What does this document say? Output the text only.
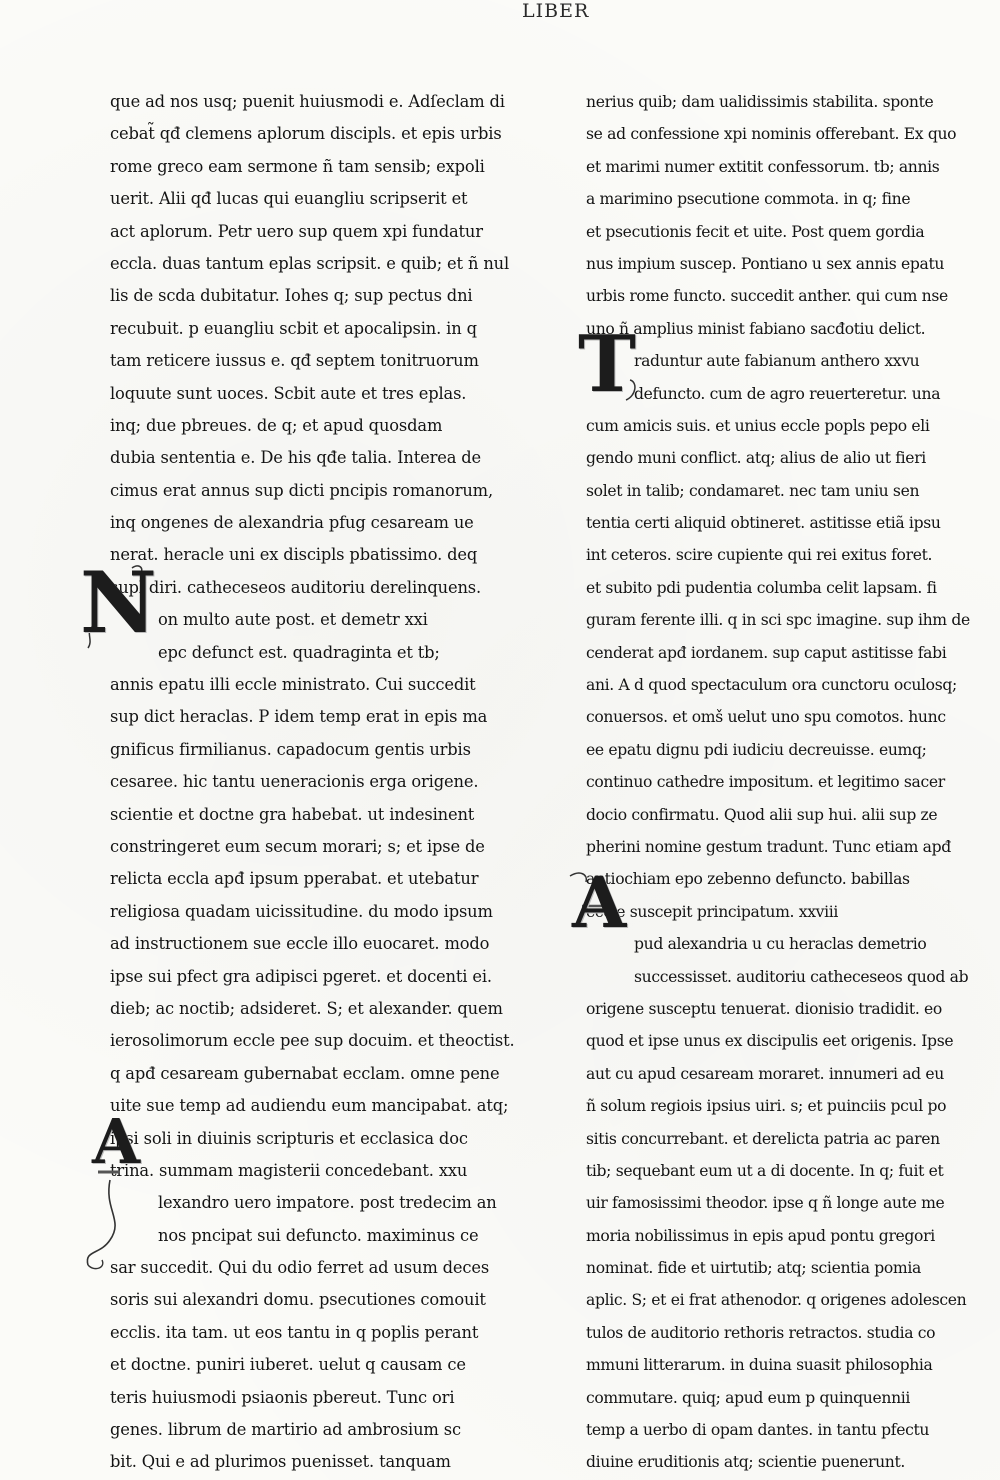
LIBER
que ad nos usq; puenit huiusmodi e. Adſeclam di
cebat̃ qđ clemens aplorum discipls. et epis urbis
rome greco eam sermone ñ tam sensib; expoli
uerit. Alii qđ lucas qui euangliu scripserit et
act aplorum. Petr uero sup quem xpi fundatur
eccla. duas tantum eplas scripsit. e quib; et ñ nul
lis de scda dubitatur. Iohes q; sup pectus dni
recubuit. p euangliu scbit et apocalipsin. in q
tam reticere iussus e. qđ septem tonitruorum
loquute sunt uoces. Scbit aute et tres eplas.
inq; due pbreues. de q; et apud quosdam
dubia sententia e. De his qđe talia. Interea de
cimus erat annus sup dicti pncipis romanorum,
inq ongenes de alexandria pfug cesaream ue
nerat. heracle uni ex discipls pbatissimo. deq
supl diri. catheceseos auditoriu derelinquens.
on multo aute post. et demetr xxi
epc defunct est. quadraginta et tb;
annis epatu illi eccle ministrato. Cui succedit
sup dict heraclas. P idem temp erat in epis ma
gnificus firmilianus. capadocum gentis urbis
cesaree. hic tantu ueneracionis erga origene.
scientie et doctne gra habebat. ut indesinent
constringeret eum secum morari; s; et ipse de
relicta eccla apđ ipsum pperabat. et utebatur
religiosa quadam uicissitudine. du modo ipsum
ad instructionem sue eccle illo euocaret. modo
ipse sui pfect gra adipisci pgeret. et docenti ei.
dieb; ac noctib; adsideret. S; et alexander. quem
ierosolimorum eccle pee sup docuim. et theoctist.
q apđ cesaream gubernabat ecclam. omne pene
uite sue temp ad audiendu eum mancipabat. atq;
ipsi soli in diuinis scripturis et ecclasica doc
trina. summam magisterii concedebant. xxu
lexandro uero impatore. post tredecim an
nos pncipat sui defuncto. maximinus ce
sar succedit. Qui du odio ferret ad usum deces
soris sui alexandri domu. psecutiones comouit
ecclis. ita tam. ut eos tantu in q poplis perant
et doctne. puniri iuberet. uelut q causam ce
teris huiusmodi psiaonis pbereut. Tunc ori
genes. librum de martirio ad ambrosium sc
bit. Qui e ad plurimos puenisset. tanquam
nerius quib; dam ualidissimis stabilita. sponte
se ad confessione xpi nominis offerebant. Ex quo
et marimi numer extitit confessorum. tb; annis
a marimino psecutione commota. in q; fine
et psecutionis fecit et uite. Post quem gordia
nus impium suscep. Pontiano u sex annis epatu
urbis rome functo. succedit anther. qui cum nse
uno ñ amplius minist fabiano sacđotiu delict.
raduntur aute fabianum anthero xxvu
defuncto. cum de agro reuerteretur. una
cum amicis suis. et unius eccle popls pepo eli
gendo muni conflict. atq; alius de alio ut fieri
solet in talib; condamaret. nec tam uniu sen
tentia certi aliquid obtineret. astitisse etiã ipsu
int ceteros. scire cupiente qui rei exitus foret.
et subito pdi pudentia columba celit lapsam. fi
guram ferente illi. q in sci spc imagine. sup ihm de
cenderat apđ iordanem. sup caput astitisse fabi
ani. A d quod spectaculum ora cunctoru oculosq;
conuersos. et omš uelut uno spu comotos. hunc
ee epatu dignu pdi iudiciu decreuisse. eumq;
continuo cathedre impositum. et legitimo sacer
docio confirmatu. Quod alii sup hui. alii sup ze
pherini nomine gestum tradunt. Tunc etiam apđ
antiochiam epo zebenno defuncto. babillas
eccle suscepit principatum. xxviii
pud alexandria u cu heraclas demetrio
successisset. auditoriu catheceseos quod ab
origene susceptu tenuerat. dionisio tradidit. eo
quod et ipse unus ex discipulis eet origenis. Ipse
aut cu apud cesaream moraret. innumeri ad eu
ñ solum regiois ipsius uiri. s; et puinciis pcul po
sitis concurrebant. et derelicta patria ac paren
tib; sequebant eum ut a di docente. In q; fuit et
uir famosissimi theodor. ipse q ñ longe aute me
moria nobilissimus in epis apud pontu gregori
nominat. fide et uirtutib; atq; scientia pomia
aplic. S; et ei frat athenodor. q origenes adolescen
tulos de auditorio rethoris retractos. studia co
mmuni litterarum. in duina suasit philosophia
commutare. quiq; apud eum p quinquennii
temp a uerbo di opam dantes. in tantu pfectu
diuine eruditionis atq; scientie puenerunt.
N
A
T
A
